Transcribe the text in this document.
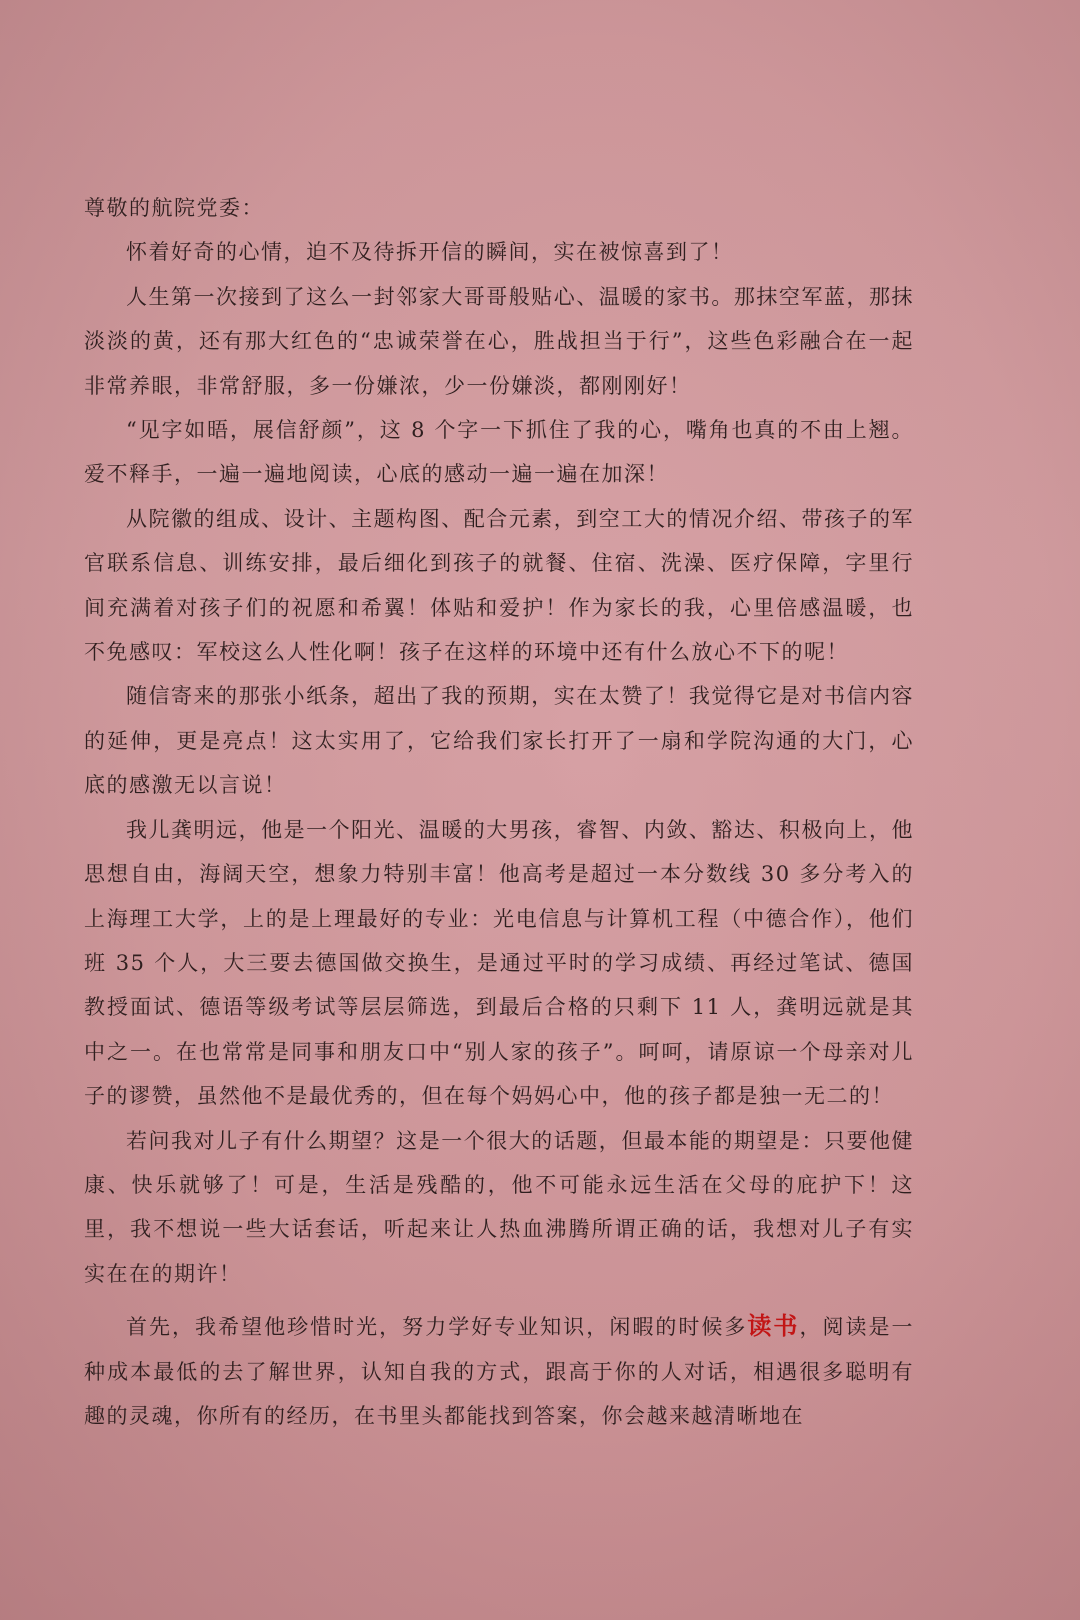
尊敬的航院党委：

怀着好奇的心情，迫不及待拆开信的瞬间，实在被惊喜到了！

人生第一次接到了这么一封邻家大哥哥般贴心、温暖的家书。那抹空军蓝，那抹淡淡的黄，还有那大红色的“忠诚荣誉在心，胜战担当于行”，这些色彩融合在一起非常养眼，非常舒服，多一份嫌浓，少一份嫌淡，都刚刚好！

“见字如晤，展信舒颜”，这 8 个字一下抓住了我的心，嘴角也真的不由上翘。爱不释手，一遍一遍地阅读，心底的感动一遍一遍在加深！

从院徽的组成、设计、主题构图、配合元素，到空工大的情况介绍、带孩子的军官联系信息、训练安排，最后细化到孩子的就餐、住宿、洗澡、医疗保障，字里行间充满着对孩子们的祝愿和希翼！体贴和爱护！作为家长的我，心里倍感温暖，也不免感叹：军校这么人性化啊！孩子在这样的环境中还有什么放心不下的呢！

随信寄来的那张小纸条，超出了我的预期，实在太赞了！我觉得它是对书信内容的延伸，更是亮点！这太实用了，它给我们家长打开了一扇和学院沟通的大门，心底的感激无以言说！

我儿龚明远，他是一个阳光、温暖的大男孩，睿智、内敛、豁达、积极向上，他思想自由，海阔天空，想象力特别丰富！他高考是超过一本分数线 30 多分考入的上海理工大学，上的是上理最好的专业：光电信息与计算机工程（中德合作），他们班 35 个人，大三要去德国做交换生，是通过平时的学习成绩、再经过笔试、德国教授面试、德语等级考试等层层筛选，到最后合格的只剩下 11 人，龚明远就是其中之一。在也常常是同事和朋友口中“别人家的孩子”。呵呵，请原谅一个母亲对儿子的谬赞，虽然他不是最优秀的，但在每个妈妈心中，他的孩子都是独一无二的！

若问我对儿子有什么期望？这是一个很大的话题，但最本能的期望是：只要他健康、快乐就够了！可是，生活是残酷的，他不可能永远生活在父母的庇护下！这里，我不想说一些大话套话，听起来让人热血沸腾所谓正确的话，我想对儿子有实实在在的期许！

首先，我希望他珍惜时光，努力学好专业知识，闲暇的时候多读书，阅读是一种成本最低的去了解世界，认知自我的方式，跟高于你的人对话，相遇很多聪明有趣的灵魂，你所有的经历，在书里头都能找到答案，你会越来越清晰地在
